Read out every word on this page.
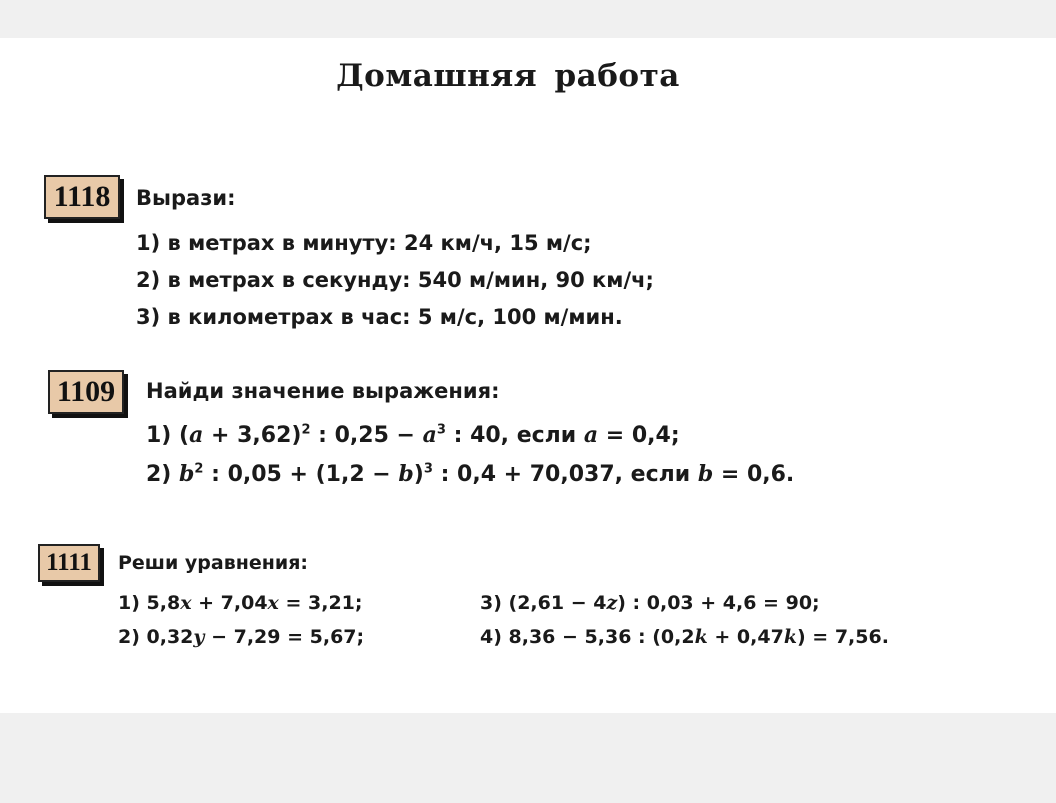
Домашняя работа
1118	Вырази:
1) в метрах в минуту: 24 км/ч, 15 м/с;
2) в метрах в секунду: 540 м/мин, 90 км/ч;
3) в километрах в час: 5 м/с, 100 м/мин.
1109	Найди значение выражения:
1) $(a + 3,62)^2$ : $0,25 - a^3$ : 40, если a = 0,4;
2) $b^2$ : $0,05 + (1,2 - b)^3$ : 0,4 + 70,037, если b = 0,6.
1111	Реши уравнения:
1) 5,8x + 7,04x = 3,21;
2) 0,32y − 7,29 = 5,67;
3) (2,61 − 4z) : 0,03 + 4,6 = 90;
4) 8,36 − 5,36 : (0,2k + 0,47k) = 7,56.
